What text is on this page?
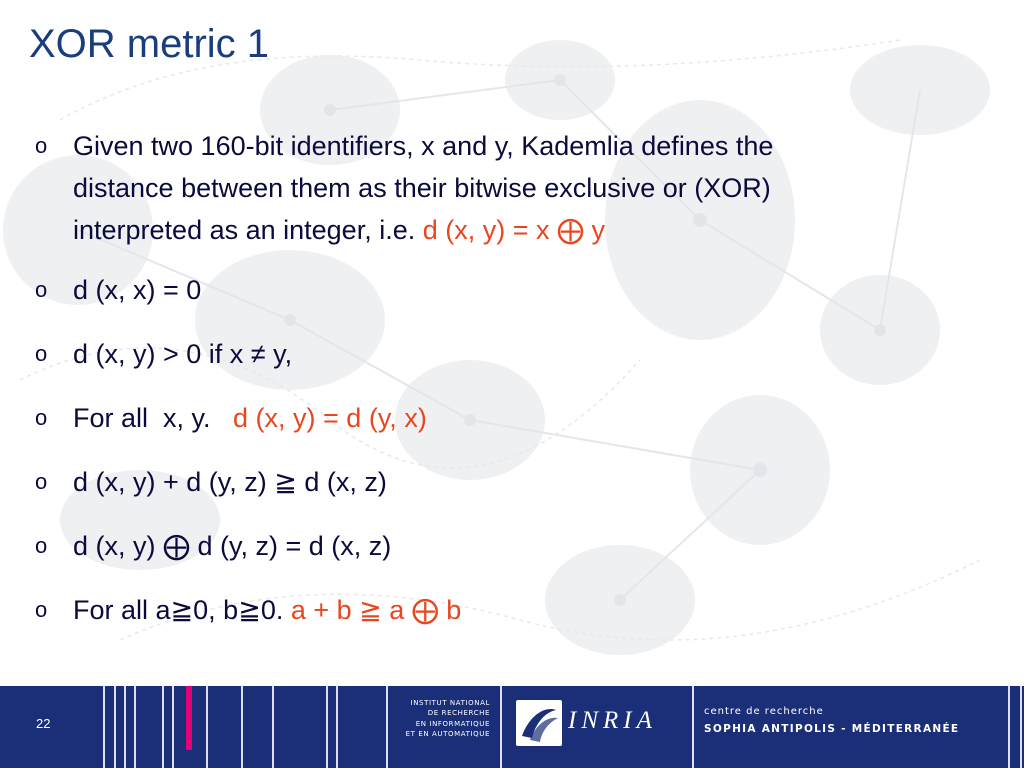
XOR metric 1
o Given two 160-bit identifiers, x and y, Kademlia defines the
distance between them as their bitwise exclusive or (XOR)
interpreted as an integer, i.e. d (x, y) = x ⨁ y
o d (x, x) = 0
o d (x, y) > 0 if x ≠ y,
o For all  x, y.   d (x, y) = d (y, x)
o d (x, y) + d (y, z) ≧ d (x, z)
o d (x, y) ⨁ d (y, z) = d (x, z)
o For all a≧0, b≧0. a + b ≧ a ⨁ b
22
INSTITUT NATIONAL
DE RECHERCHE
EN INFORMATIQUE
ET EN AUTOMATIQUE
INRIA	centre de recherche
SOPHIA ANTIPOLIS - MÉDITERRANÉE
